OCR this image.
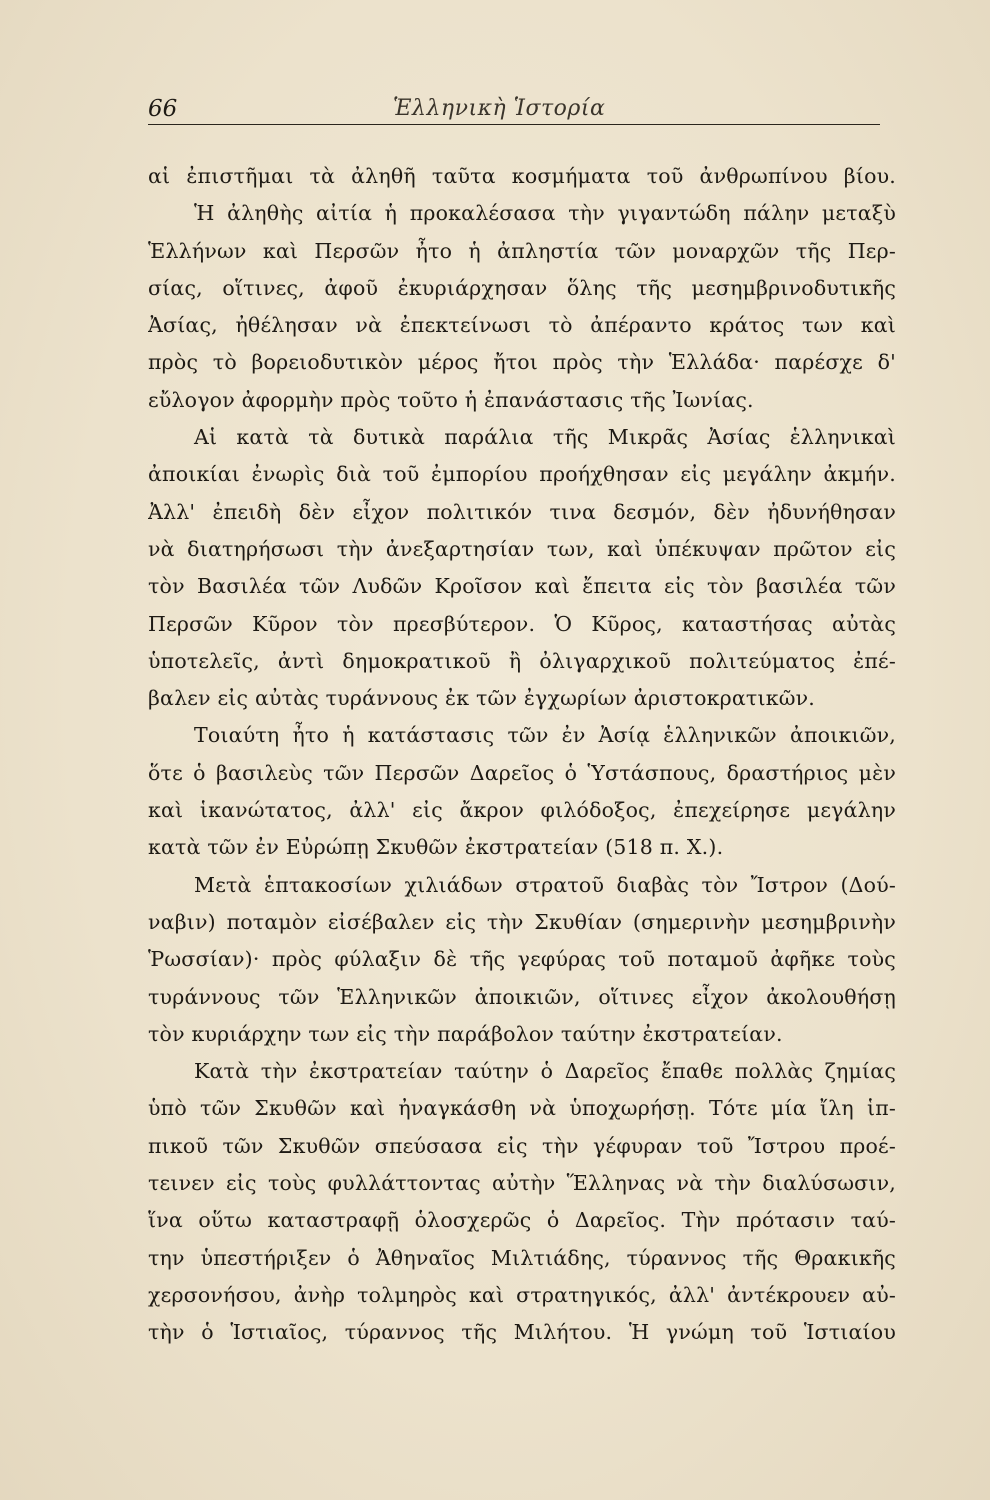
66	Ἑλληνικὴ Ἱστορία
αἱ ἐπιστῆμαι τὰ ἀληθῆ ταῦτα κοσμήματα τοῦ ἀνθρωπίνου βίου.
Ἡ ἀληθὴς αἰτία ἡ προκαλέσασα τὴν γιγαντώδη πάλην μεταξὺ
Ἑλλήνων καὶ Περσῶν ἦτο ἡ ἀπληστία τῶν μοναρχῶν τῆς Περ-
σίας, οἵτινες, ἀφοῦ ἐκυριάρχησαν ὅλης τῆς μεσημβρινοδυτικῆς
Ἀσίας, ἠθέλησαν νὰ ἐπεκτείνωσι τὸ ἀπέραντο κράτος των καὶ
πρὸς τὸ βορειοδυτικὸν μέρος ἤτοι πρὸς τὴν Ἑλλάδα· παρέσχε δ'
εὔλογον ἀφορμὴν πρὸς τοῦτο ἡ ἐπανάστασις τῆς Ἰωνίας.
Αἱ κατὰ τὰ δυτικὰ παράλια τῆς Μικρᾶς Ἀσίας ἑλληνικαὶ
ἀποικίαι ἐνωρὶς διὰ τοῦ ἐμπορίου προήχθησαν εἰς μεγάλην ἀκμήν.
Ἀλλ' ἐπειδὴ δὲν εἶχον πολιτικόν τινα δεσμόν, δὲν ἠδυνήθησαν
νὰ διατηρήσωσι τὴν ἀνεξαρτησίαν των, καὶ ὑπέκυψαν πρῶτον εἰς
τὸν Βασιλέα τῶν Λυδῶν Κροῖσον καὶ ἔπειτα εἰς τὸν βασιλέα τῶν
Περσῶν Κῦρον τὸν πρεσβύτερον. Ὁ Κῦρος, καταστήσας αὐτὰς
ὑποτελεῖς, ἀντὶ δημοκρατικοῦ ἢ ὀλιγαρχικοῦ πολιτεύματος ἐπέ-
βαλεν εἰς αὐτὰς τυράννους ἐκ τῶν ἐγχωρίων ἀριστοκρατικῶν.
Τοιαύτη ἦτο ἡ κατάστασις τῶν ἐν Ἀσίᾳ ἑλληνικῶν ἀποικιῶν,
ὅτε ὁ βασιλεὺς τῶν Περσῶν Δαρεῖος ὁ Ὑστάσπους, δραστήριος μὲν
καὶ ἱκανώτατος, ἀλλ' εἰς ἄκρον φιλόδοξος, ἐπεχείρησε μεγάλην
κατὰ τῶν ἐν Εὐρώπῃ Σκυθῶν ἐκστρατείαν (518 π. Χ.).
Μετὰ ἑπτακοσίων χιλιάδων στρατοῦ διαβὰς τὸν Ἴστρον (Δού-
ναβιν) ποταμὸν εἰσέβαλεν εἰς τὴν Σκυθίαν (σημερινὴν μεσημβρινὴν
Ῥωσσίαν)· πρὸς φύλαξιν δὲ τῆς γεφύρας τοῦ ποταμοῦ ἀφῆκε τοὺς
τυράννους τῶν Ἑλληνικῶν ἀποικιῶν, οἵτινες εἶχον ἀκολουθήσῃ
τὸν κυριάρχην των εἰς τὴν παράβολον ταύτην ἐκστρατείαν.
Κατὰ τὴν ἐκστρατείαν ταύτην ὁ Δαρεῖος ἔπαθε πολλὰς ζημίας
ὑπὸ τῶν Σκυθῶν καὶ ἠναγκάσθη νὰ ὑποχωρήσῃ. Τότε μία ἴλη ἱπ-
πικοῦ τῶν Σκυθῶν σπεύσασα εἰς τὴν γέφυραν τοῦ Ἴστρου προέ-
τεινεν εἰς τοὺς φυλλάττοντας αὐτὴν Ἕλληνας νὰ τὴν διαλύσωσιν,
ἵνα οὕτω καταστραφῇ ὁλοσχερῶς ὁ Δαρεῖος. Τὴν πρότασιν ταύ-
την ὑπεστήριξεν ὁ Ἀθηναῖος Μιλτιάδης, τύραννος τῆς Θρακικῆς
χερσονήσου, ἀνὴρ τολμηρὸς καὶ στρατηγικός, ἀλλ' ἀντέκρουεν αὐ-
τὴν ὁ Ἱστιαῖος, τύραννος τῆς Μιλήτου. Ἡ γνώμη τοῦ Ἱστιαίου
